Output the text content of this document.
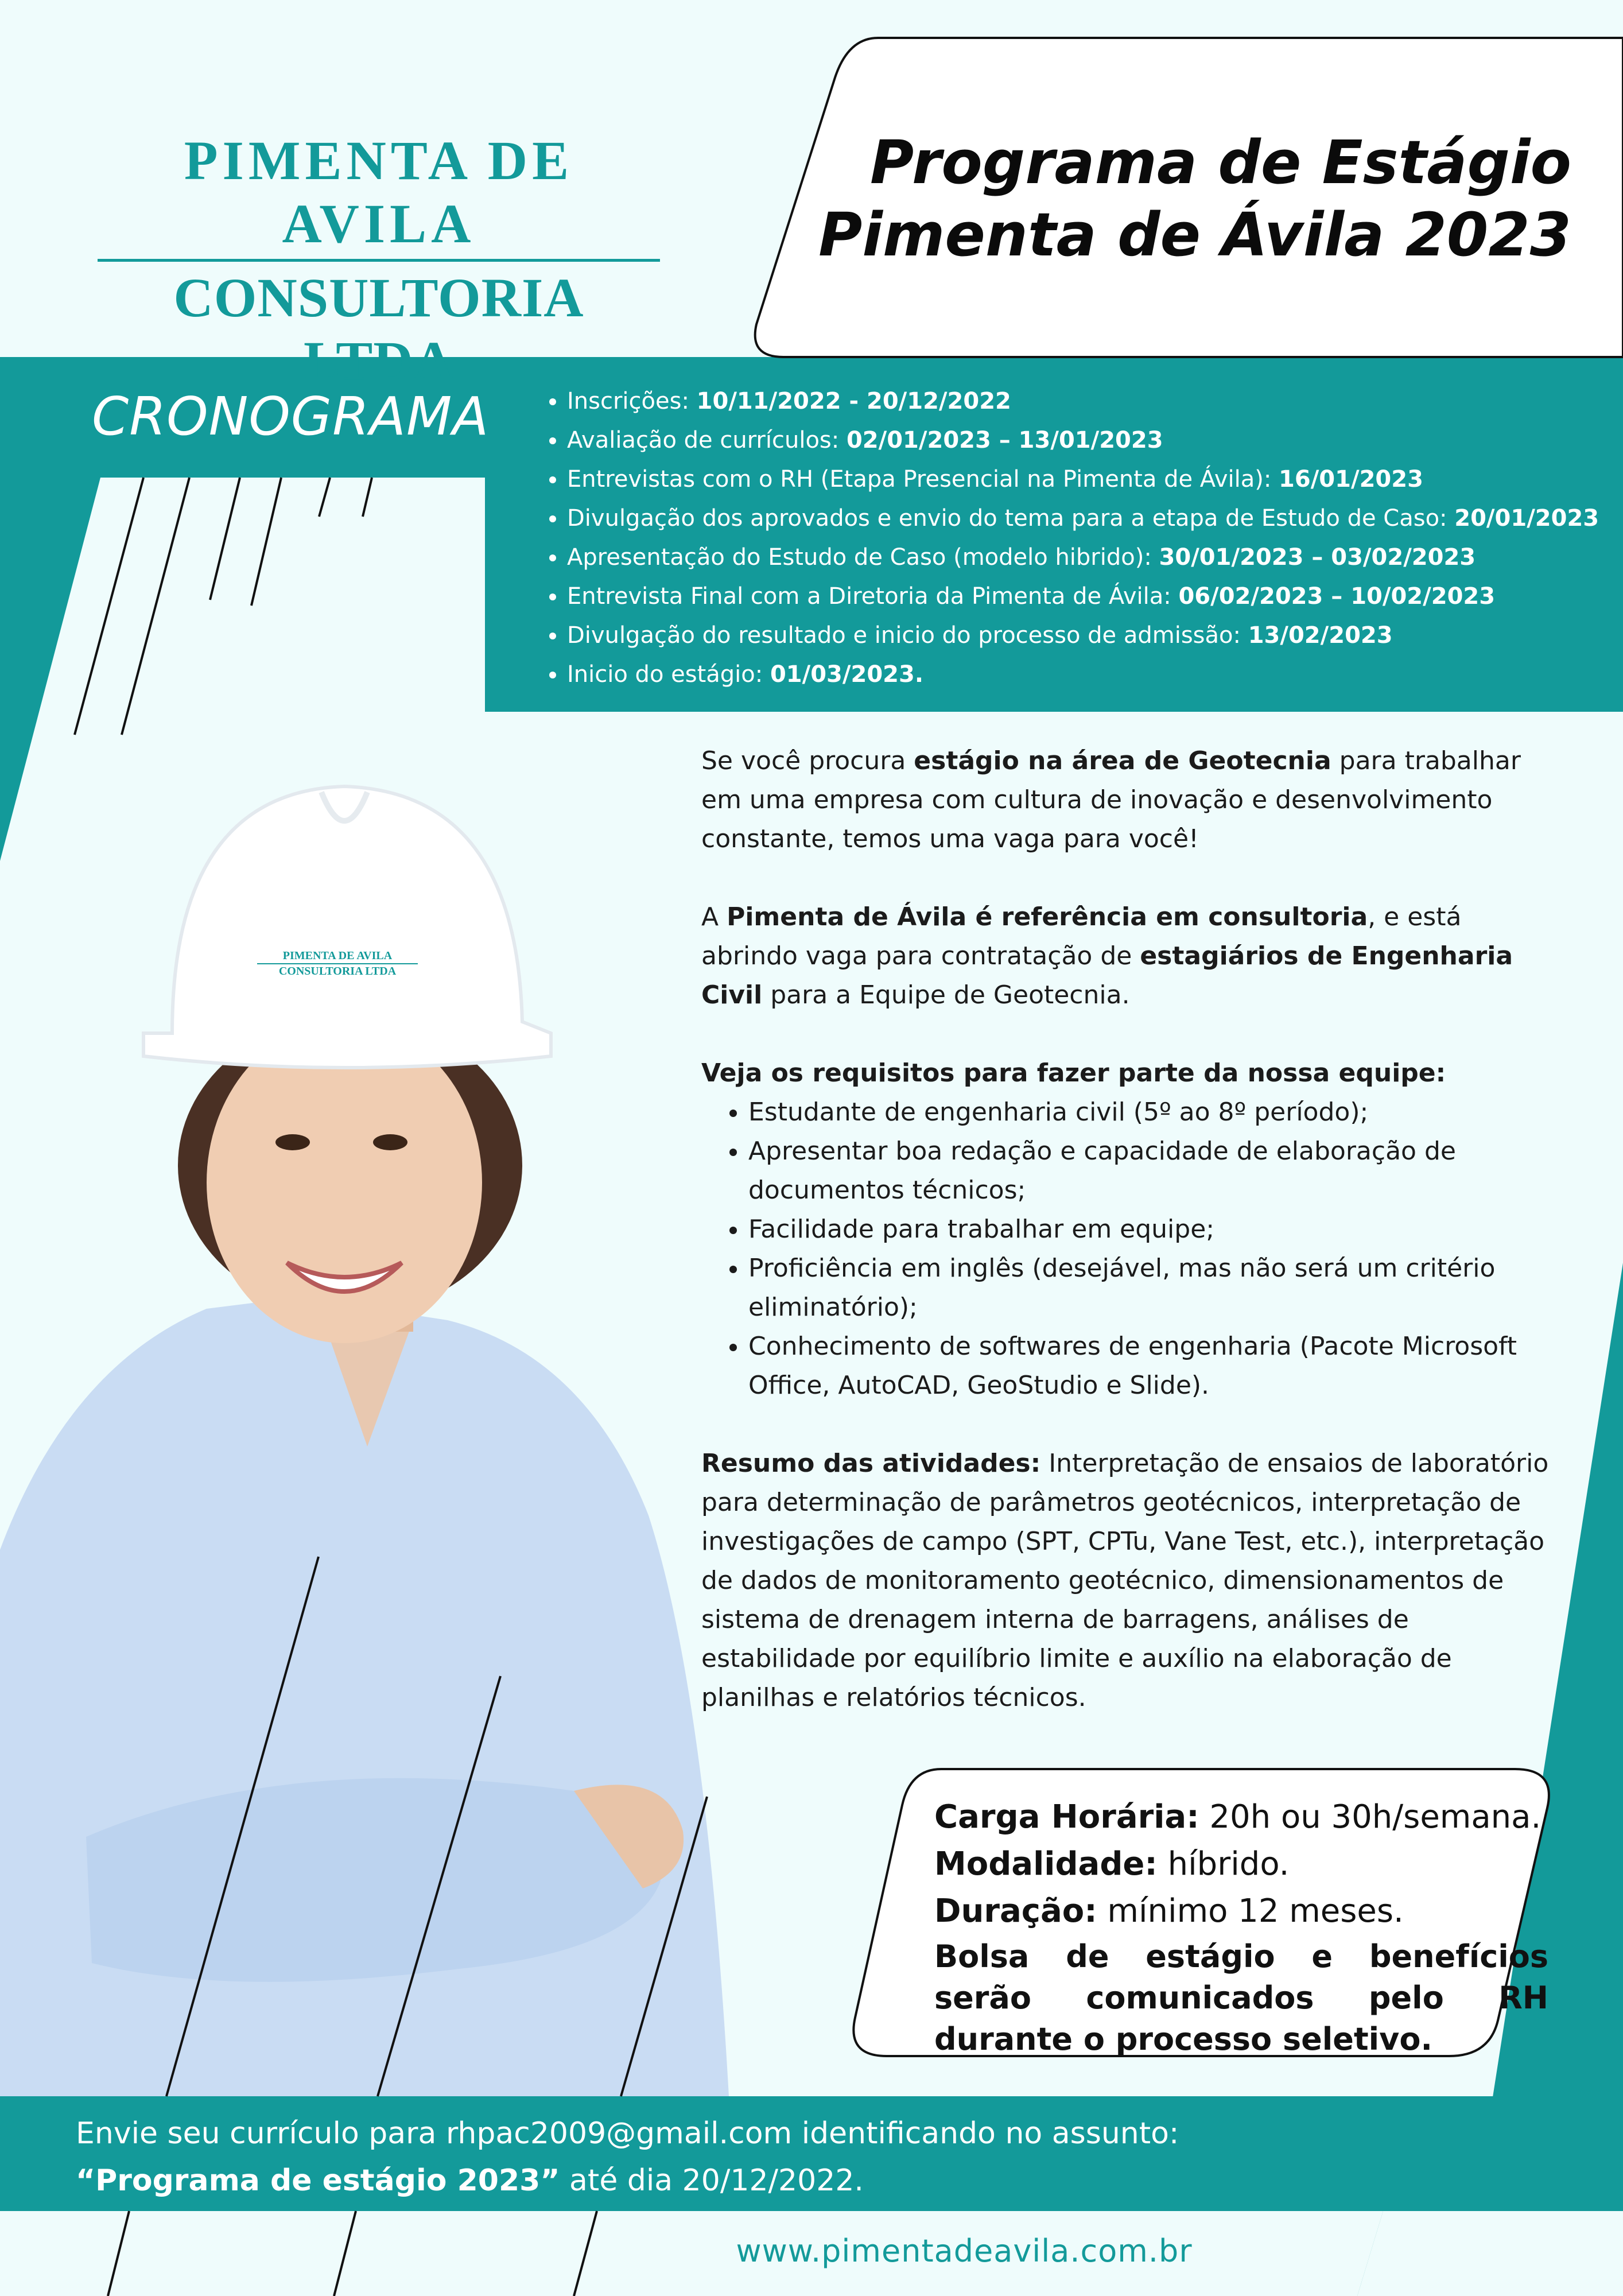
PIMENTA DE AVILA
CONSULTORIA LTDA
Programa de Estágio
Pimenta de Ávila 2023
CRONOGRAMA
•	Inscrições: 10/11/2022 - 20/12/2022
• Avaliação de currículos: 02/01/2023 – 13/01/2023
• Entrevistas com o RH (Etapa Presencial na Pimenta de Ávila): 16/01/2023
• Divulgação dos aprovados e envio do tema para a etapa de Estudo de Caso: 20/01/2023
• Apresentação do Estudo de Caso (modelo hibrido): 30/01/2023 – 03/02/2023
• Entrevista Final com a Diretoria da Pimenta de Ávila: 06/02/2023 – 10/02/2023
• Divulgação do resultado e inicio do processo de admissão: 13/02/2023
• Inicio do estágio: 01/03/2023.
PIMENTA DE AVILA
CONSULTORIA LTDA

Se você procura estágio na área de Geotecnia para trabalhar em uma empresa com cultura de inovação e desenvolvimento constante, temos uma vaga para você!

A Pimenta de Ávila é referência em consultoria, e está abrindo vaga para contratação de estagiários de Engenharia Civil para a Equipe de Geotecnia.

Veja os requisitos para fazer parte da nossa equipe:
• Estudante de engenharia civil (5º ao 8º período);
• Apresentar boa redação e capacidade de elaboração de documentos técnicos;
• Facilidade para trabalhar em equipe;
• Proficiência em inglês (desejável, mas não será um critério eliminatório);
• Conhecimento de softwares de engenharia (Pacote Microsoft Office, AutoCAD, GeoStudio e Slide).

Resumo das atividades: Interpretação de ensaios de laboratório para determinação de parâmetros geotécnicos, interpretação de investigações de campo (SPT, CPTu, Vane Test, etc.), interpretação de dados de monitoramento geotécnico, dimensionamentos de sistema de drenagem interna de barragens, análises de estabilidade por equilíbrio limite e auxílio na elaboração de planilhas e relatórios técnicos.

Carga Horária: 20h ou 30h/semana.
Modalidade: híbrido.
Duração: mínimo 12 meses.
Bolsa de estágio e benefícios serão comunicados pelo RH durante o processo seletivo.
Envie seu currículo para rhpac2009@gmail.com identificando no assunto:
“Programa de estágio 2023” até dia 20/12/2022.
www.pimentadeavila.com.br
